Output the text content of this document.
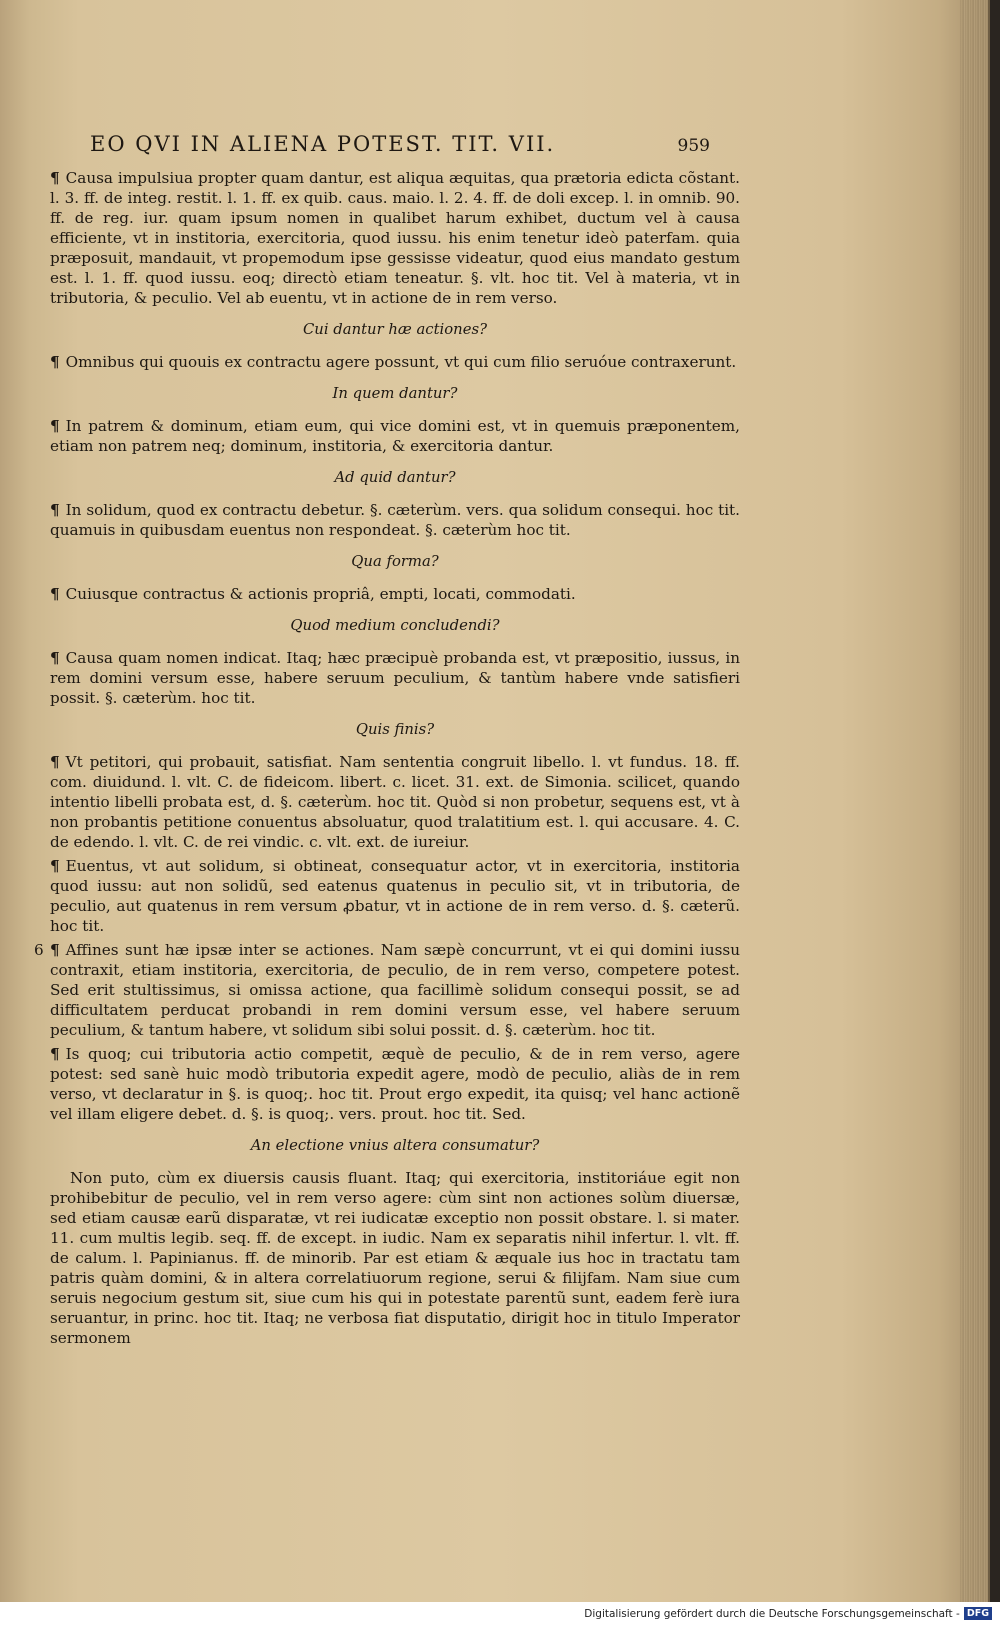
EO QVI IN ALIENA POTEST. TIT. VII.	959

¶ Causa impulsiua propter quam dantur, est aliqua æquitas, qua prætoria edicta cõstant. l. 3. ff. de integ. restit. l. 1. ff. ex quib. caus. maio. l. 2. 4. ff. de doli excep. l. in omnib. 90. ff. de reg. iur. quam ipsum nomen in qualibet harum exhibet, ductum vel à causa efficiente, vt in institoria, exercitoria, quod iussu. his enim tenetur ideò paterfam. quia præposuit, mandauit, vt propemodum ipse gessisse videatur, quod eius mandato gestum est. l. 1. ff. quod iussu. eoq; directò etiam teneatur. §. vlt. hoc tit. Vel à materia, vt in tributoria, & peculio. Vel ab euentu, vt in actione de in rem verso.

Cui dantur hæ actiones?

¶ Omnibus qui quouis ex contractu agere possunt, vt qui cum filio seruóue contraxerunt.

In quem dantur?

¶ In patrem & dominum, etiam eum, qui vice domini est, vt in quemuis præponentem, etiam non patrem neq; dominum, institoria, & exercitoria dantur.

Ad quid dantur?

¶ In solidum, quod ex contractu debetur. §. cæterùm. vers. qua solidum consequi. hoc tit. quamuis in quibusdam euentus non respondeat. §. cæterùm hoc tit.

Qua forma?

¶ Cuiusque contractus & actionis propriâ, empti, locati, commodati.

Quod medium concludendi?

¶ Causa quam nomen indicat. Itaq; hæc præcipuè probanda est, vt præpositio, iussus, in rem domini versum esse, habere seruum peculium, & tantùm habere vnde satisfieri possit. §. cæterùm. hoc tit.

Quis finis?

¶ Vt petitori, qui probauit, satisfiat. Nam sententia congruit libello. l. vt fundus. 18. ff. com. diuidund. l. vlt. C. de fideicom. libert. c. licet. 31. ext. de Simonia. scilicet, quando intentio libelli probata est, d. §. cæterùm. hoc tit. Quòd si non probetur, sequens est, vt à non probantis petitione conuentus absoluatur, quod tralatitium est. l. qui accusare. 4. C. de edendo. l. vlt. C. de rei vindic. c. vlt. ext. de iureiur.

¶ Euentus, vt aut solidum, si obtineat, consequatur actor, vt in exercitoria, institoria quod iussu: aut non solidũ, sed eatenus quatenus in peculio sit, vt in tributoria, de peculio, aut quatenus in rem versum ꝓbatur, vt in actione de in rem verso. d. §. cæterũ. hoc tit.

6 ¶ Affines sunt hæ ipsæ inter se actiones. Nam sæpè concurrunt, vt ei qui domini iussu contraxit, etiam institoria, exercitoria, de peculio, de in rem verso, competere potest. Sed erit stultissimus, si omissa actione, qua facillimè solidum consequi possit, se ad difficultatem perducat probandi in rem domini versum esse, vel habere seruum peculium, & tantum habere, vt solidum sibi solui possit. d. §. cæterùm. hoc tit.

¶ Is quoq; cui tributoria actio competit, æquè de peculio, & de in rem verso, agere potest: sed sanè huic modò tributoria expedit agere, modò de peculio, aliàs de in rem verso, vt declaratur in §. is quoq;. hoc tit. Prout ergo expedit, ita quisq; vel hanc actionẽ vel illam eligere debet. d. §. is quoq;. vers. prout. hoc tit. Sed.

An electione vnius altera consumatur?

Non puto, cùm ex diuersis causis fluant. Itaq; qui exercitoria, institoriáue egit non prohibebitur de peculio, vel in rem verso agere: cùm sint non actiones solùm diuersæ, sed etiam causæ earũ disparatæ, vt rei iudicatæ exceptio non possit obstare. l. si mater. 11. cum multis legib. seq. ff. de except. in iudic. Nam ex separatis nihil infertur. l. vlt. ff. de calum. l. Papinianus. ff. de minorib. Par est etiam & æquale ius hoc in tractatu tam patris quàm domini, & in altera correlatiuorum regione, serui & filijfam. Nam siue cum seruis negocium gestum sit, siue cum his qui in potestate parentũ sunt, eadem ferè iura seruantur, in princ. hoc tit. Itaq; ne verbosa fiat disputatio, dirigit hoc in titulo Imperator sermonem

Digitalisierung gefördert durch die Deutsche Forschungsgemeinschaft - DFG
